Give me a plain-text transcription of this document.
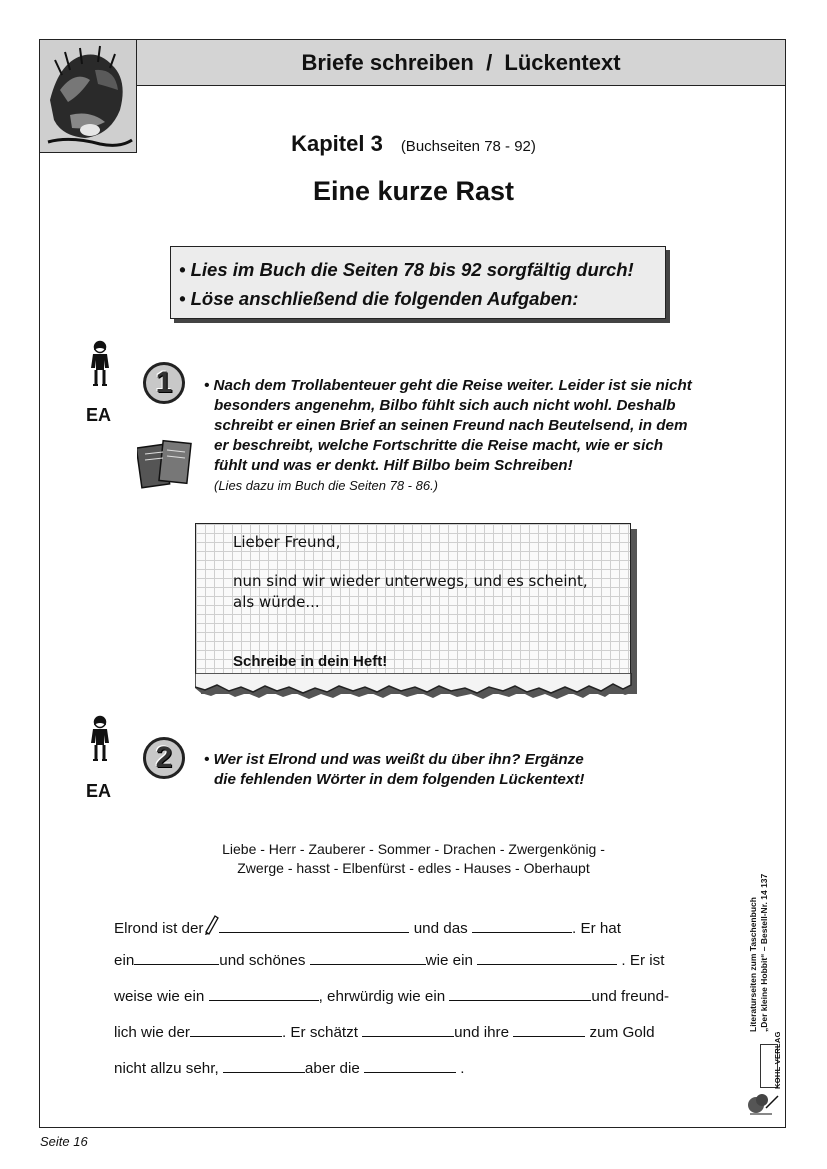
Briefe schreiben  /  Lückentext
Kapitel 3 (Buchseiten 78 - 92)
Eine kurze Rast
• Lies im Buch die Seiten 78 bis 92 sorgfältig durch!
• Löse anschließend die folgenden Aufgaben:
EA
1	• Nach dem Trollabenteuer geht die Reise weiter. Leider ist sie nicht
besonders angenehm, Bilbo fühlt sich auch nicht wohl. Deshalb
schreibt er einen Brief an seinen Freund nach Beutelsend, in dem
er beschreibt, welche Fortschritte die Reise macht, wie er sich
fühlt und was er denkt. Hilf Bilbo beim Schreiben!
(Lies dazu im Buch die Seiten 78 - 86.)
Lieber Freund,
nun sind wir wieder unterwegs, und es scheint,
als würde...
Schreibe in dein Heft!
EA
2	• Wer ist Elrond und was weißt du über ihn? Ergänze
die fehlenden Wörter in dem folgenden Lückentext!
Liebe - Herr - Zauberer - Sommer - Drachen - Zwergenkönig -
Zwerge - hasst - Elbenfürst - edles - Hauses - Oberhaupt
Elrond ist der	und das	. Er hat
ein	und schönes	wie ein	. Er ist
weise wie ein	, ehrwürdig wie ein	und freund-
lich wie der	. Er schätzt	und ihre	zum Gold
nicht allzu sehr,	aber die	.
Literaturseiten zum Taschenbuch „Der kleine Hobbit“ – Bestell-Nr. 14 137
KOHL VERLAG
Seite 16
